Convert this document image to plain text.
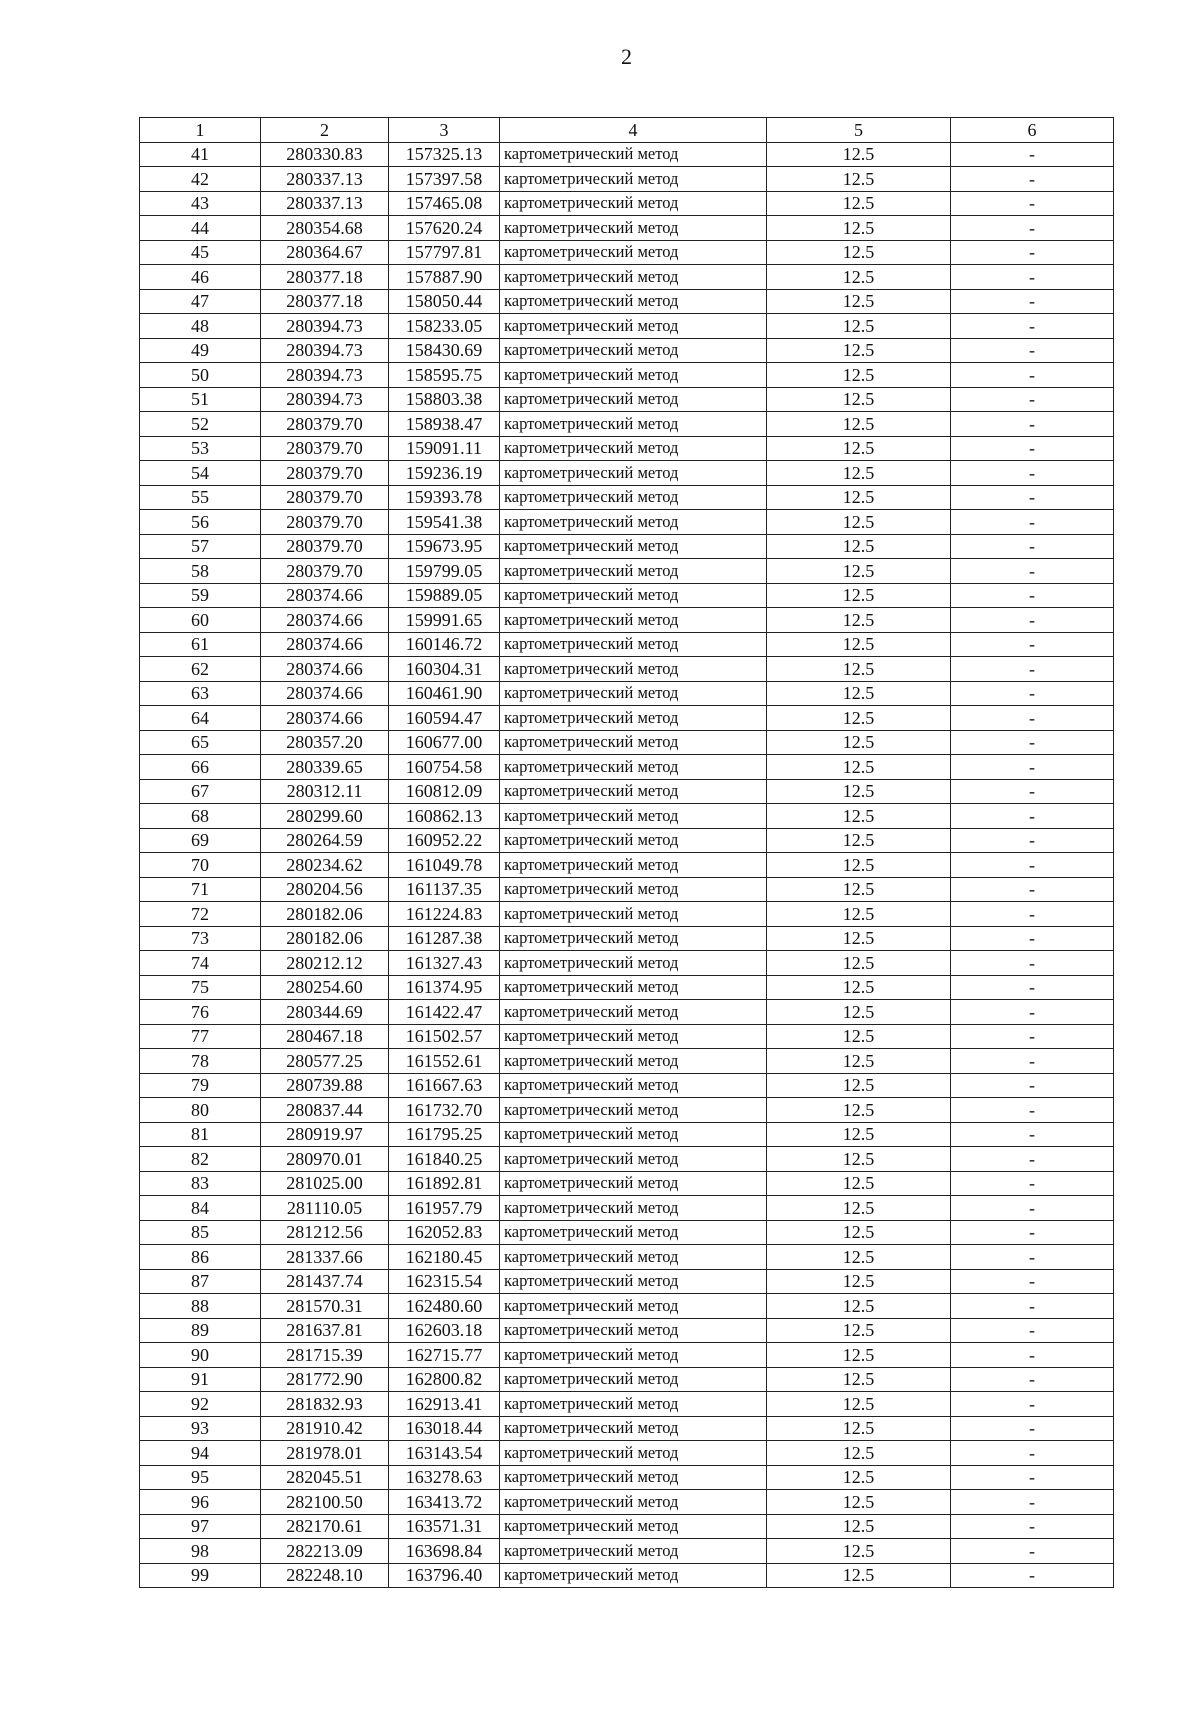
2
1	2	3	4	5	6
41	280330.83	157325.13	картометрический метод	12.5	-
42	280337.13	157397.58	картометрический метод	12.5	-
43	280337.13	157465.08	картометрический метод	12.5	-
44	280354.68	157620.24	картометрический метод	12.5	-
45	280364.67	157797.81	картометрический метод	12.5	-
46	280377.18	157887.90	картометрический метод	12.5	-
47	280377.18	158050.44	картометрический метод	12.5	-
48	280394.73	158233.05	картометрический метод	12.5	-
49	280394.73	158430.69	картометрический метод	12.5	-
50	280394.73	158595.75	картометрический метод	12.5	-
51	280394.73	158803.38	картометрический метод	12.5	-
52	280379.70	158938.47	картометрический метод	12.5	-
53	280379.70	159091.11	картометрический метод	12.5	-
54	280379.70	159236.19	картометрический метод	12.5	-
55	280379.70	159393.78	картометрический метод	12.5	-
56	280379.70	159541.38	картометрический метод	12.5	-
57	280379.70	159673.95	картометрический метод	12.5	-
58	280379.70	159799.05	картометрический метод	12.5	-
59	280374.66	159889.05	картометрический метод	12.5	-
60	280374.66	159991.65	картометрический метод	12.5	-
61	280374.66	160146.72	картометрический метод	12.5	-
62	280374.66	160304.31	картометрический метод	12.5	-
63	280374.66	160461.90	картометрический метод	12.5	-
64	280374.66	160594.47	картометрический метод	12.5	-
65	280357.20	160677.00	картометрический метод	12.5	-
66	280339.65	160754.58	картометрический метод	12.5	-
67	280312.11	160812.09	картометрический метод	12.5	-
68	280299.60	160862.13	картометрический метод	12.5	-
69	280264.59	160952.22	картометрический метод	12.5	-
70	280234.62	161049.78	картометрический метод	12.5	-
71	280204.56	161137.35	картометрический метод	12.5	-
72	280182.06	161224.83	картометрический метод	12.5	-
73	280182.06	161287.38	картометрический метод	12.5	-
74	280212.12	161327.43	картометрический метод	12.5	-
75	280254.60	161374.95	картометрический метод	12.5	-
76	280344.69	161422.47	картометрический метод	12.5	-
77	280467.18	161502.57	картометрический метод	12.5	-
78	280577.25	161552.61	картометрический метод	12.5	-
79	280739.88	161667.63	картометрический метод	12.5	-
80	280837.44	161732.70	картометрический метод	12.5	-
81	280919.97	161795.25	картометрический метод	12.5	-
82	280970.01	161840.25	картометрический метод	12.5	-
83	281025.00	161892.81	картометрический метод	12.5	-
84	281110.05	161957.79	картометрический метод	12.5	-
85	281212.56	162052.83	картометрический метод	12.5	-
86	281337.66	162180.45	картометрический метод	12.5	-
87	281437.74	162315.54	картометрический метод	12.5	-
88	281570.31	162480.60	картометрический метод	12.5	-
89	281637.81	162603.18	картометрический метод	12.5	-
90	281715.39	162715.77	картометрический метод	12.5	-
91	281772.90	162800.82	картометрический метод	12.5	-
92	281832.93	162913.41	картометрический метод	12.5	-
93	281910.42	163018.44	картометрический метод	12.5	-
94	281978.01	163143.54	картометрический метод	12.5	-
95	282045.51	163278.63	картометрический метод	12.5	-
96	282100.50	163413.72	картометрический метод	12.5	-
97	282170.61	163571.31	картометрический метод	12.5	-
98	282213.09	163698.84	картометрический метод	12.5	-
99	282248.10	163796.40	картометрический метод	12.5	-
